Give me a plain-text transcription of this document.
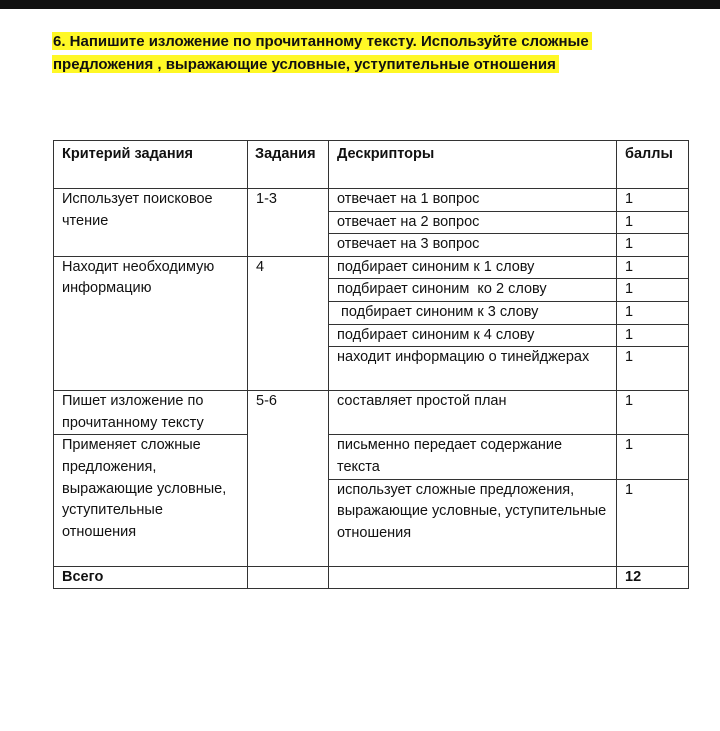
6. Напишите изложение по прочитанному тексту. Используйте сложные предложения , выражающие условные, уступительные отношения

Критерий задания	Задания	Дескрипторы	баллы
Использует поисковое чтение	1-3	отвечает на 1 вопрос	1
		отвечает на 2 вопрос	1
		отвечает на 3 вопрос	1
Находит необходимую информацию	4	подбирает синоним к 1 слову	1
		подбирает синоним  ко 2 слову	1
		подбирает синоним к 3 слову	1
		подбирает синоним к 4 слову	1
		находит информацию о тинейджерах	1
Пишет изложение по прочитанному тексту	5-6	составляет простой план	1
Применяет сложные предложения, выражающие условные, уступительные отношения		письменно передает содержание текста	1
		использует сложные предложения, выражающие условные, уступительные отношения	1
Всего			12
